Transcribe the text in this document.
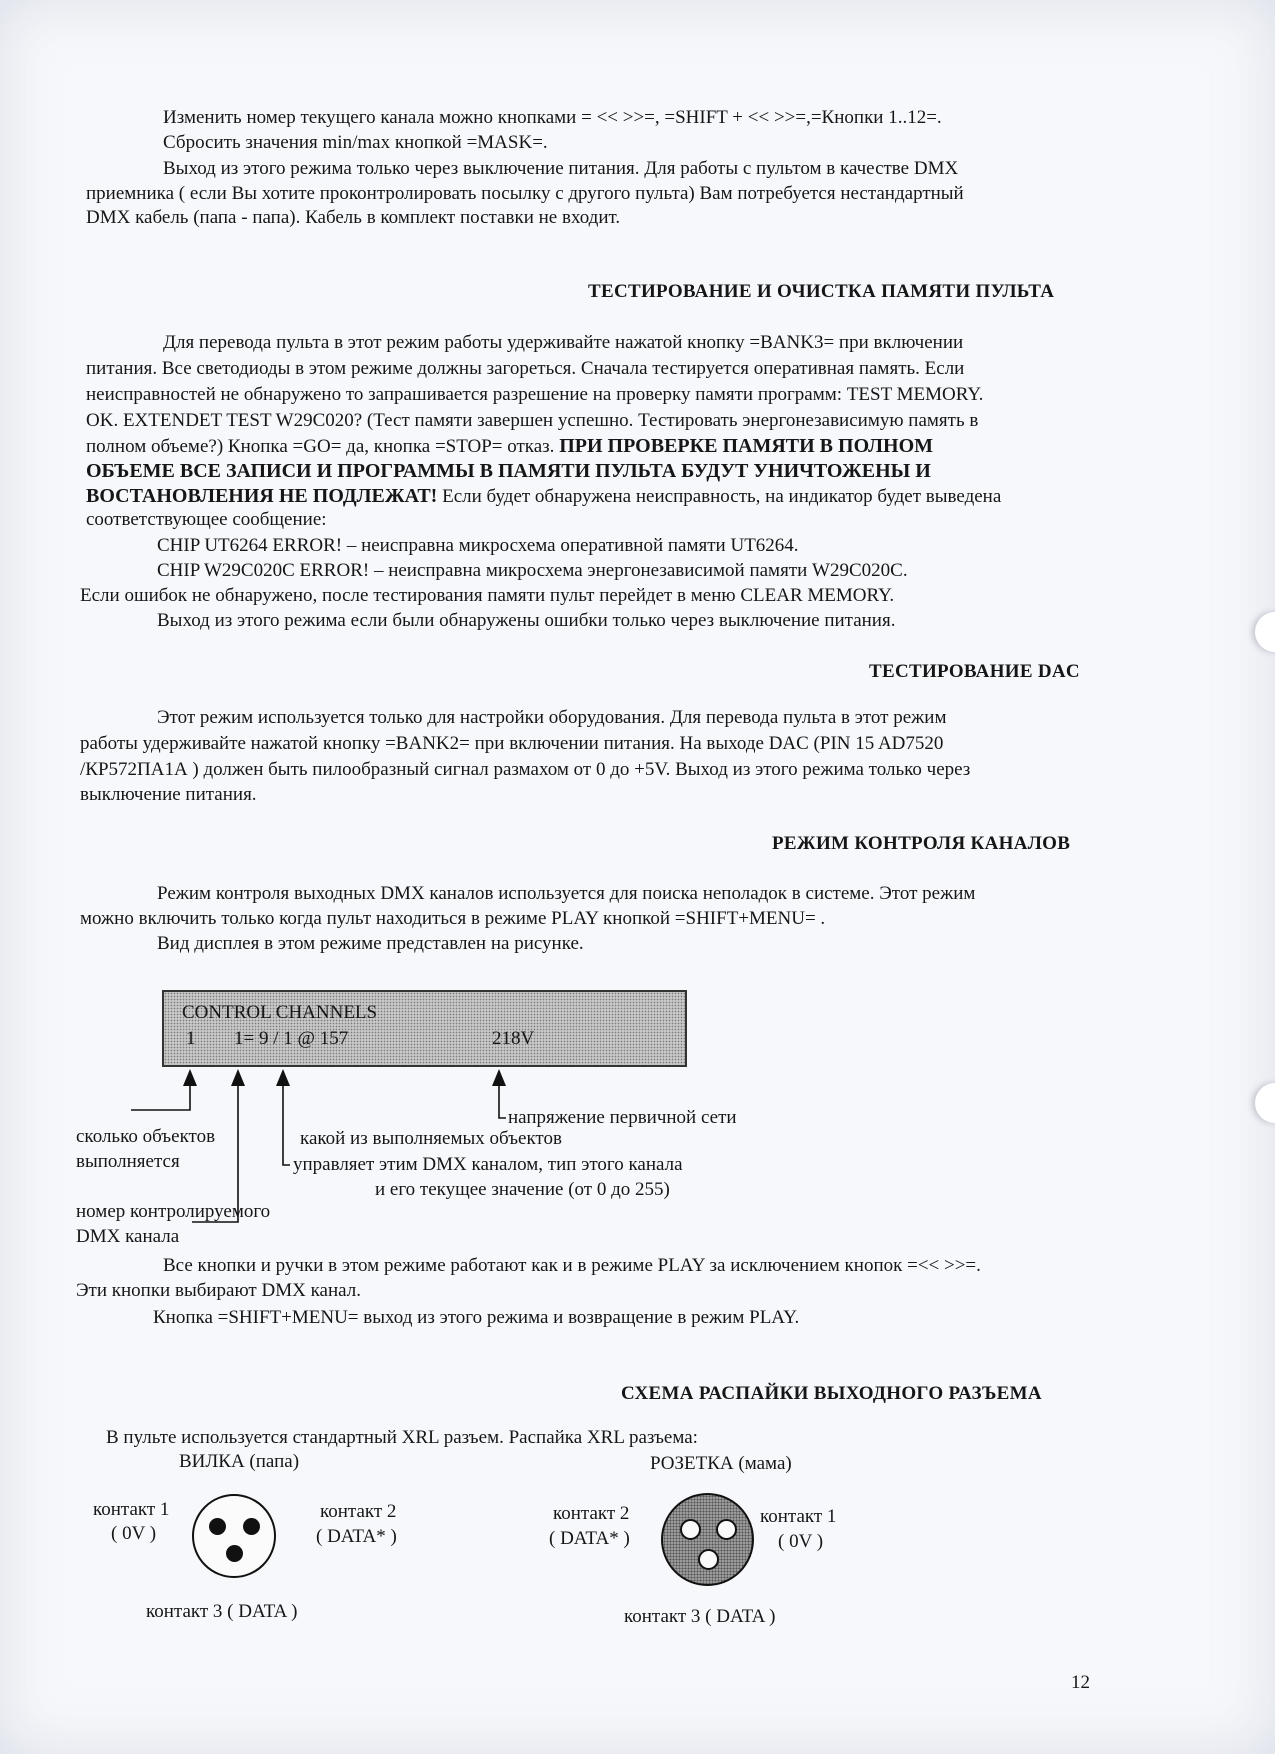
Изменить номер текущего канала можно кнопками = << >>=, =SHIFT + << >>=,=Кнопки 1..12=.
Сбросить значения min/max кнопкой =MASK=.
Выход из этого режима только через выключение питания. Для работы с пультом в качестве DMX
приемника ( если Вы хотите проконтролировать посылку с другого пульта) Вам потребуется нестандартный
DMX кабель (папа - папа). Кабель в комплект поставки не входит.
ТЕСТИРОВАНИЕ И ОЧИСТКА ПАМЯТИ ПУЛЬТА
Для перевода пульта в этот режим работы удерживайте нажатой кнопку =BANK3= при включении
питания. Все светодиоды в этом режиме должны загореться. Сначала тестируется оперативная память. Если
неисправностей не обнаружено то запрашивается разрешение на проверку памяти программ: TEST MEMORY.
OK. EXTENDET TEST W29C020? (Тест памяти завершен успешно. Тестировать энергонезависимую память в
полном объеме?) Кнопка =GO= да, кнопка =STOP= отказ. ПРИ ПРОВЕРКЕ ПАМЯТИ В ПОЛНОМ
ОБЪЕМЕ ВСЕ ЗАПИСИ И ПРОГРАММЫ В ПАМЯТИ ПУЛЬТА БУДУТ УНИЧТОЖЕНЫ И
ВОСТАНОВЛЕНИЯ НЕ ПОДЛЕЖАТ! Если будет обнаружена неисправность, на индикатор будет выведена
соответствующее сообщение:
CHIP UT6264 ERROR! – неисправна микросхема оперативной памяти UT6264.
CHIP W29C020C ERROR! – неисправна микросхема энергонезависимой памяти W29C020C.
Если ошибок не обнаружено, после тестирования памяти пульт перейдет в меню CLEAR MEMORY.
Выход из этого режима если были обнаружены ошибки только через выключение питания.
ТЕСТИРОВАНИЕ DAC
Этот режим используется только для настройки оборудования. Для перевода пульта в этот режим
работы удерживайте нажатой кнопку =BANK2= при включении питания. На выходе DAC (PIN 15 AD7520
/КР572ПА1А ) должен быть пилообразный сигнал размахом от 0 до +5V. Выход из этого режима только через
выключение питания.
РЕЖИМ КОНТРОЛЯ КАНАЛОВ
Режим контроля выходных DMX каналов используется для поиска неполадок в системе. Этот режим
можно включить только когда пульт находиться в режиме PLAY кнопкой =SHIFT+MENU= .
Вид дисплея в этом режиме представлен на рисунке.
CONTROL CHANNELS
1 1= 9 / 1 @ 157	218V
напряжение первичной сети
сколько объектов
выполняется
какой из выполняемых объектов
управляет этим DMX каналом, тип этого канала
и его текущее значение (от 0 до 255)
номер контролируемого
DMX канала
Все кнопки и ручки в этом режиме работают как и в режиме PLAY за исключением кнопок =<< >>=.
Эти кнопки выбирают DMX канал.
Кнопка =SHIFT+MENU= выход из этого режима и возвращение в режим PLAY.
СХЕМА РАСПАЙКИ ВЫХОДНОГО РАЗЪЕМА
В пульте используется стандартный XRL разъем. Распайка XRL разъема:
ВИЛКА (папа)	РОЗЕТКА (мама)
контакт 1
( 0V )
контакт 2
( DATA* )
контакт 3 ( DATA )
контакт 2
( DATA* )
контакт 1
( 0V )
контакт 3 ( DATA )
12
